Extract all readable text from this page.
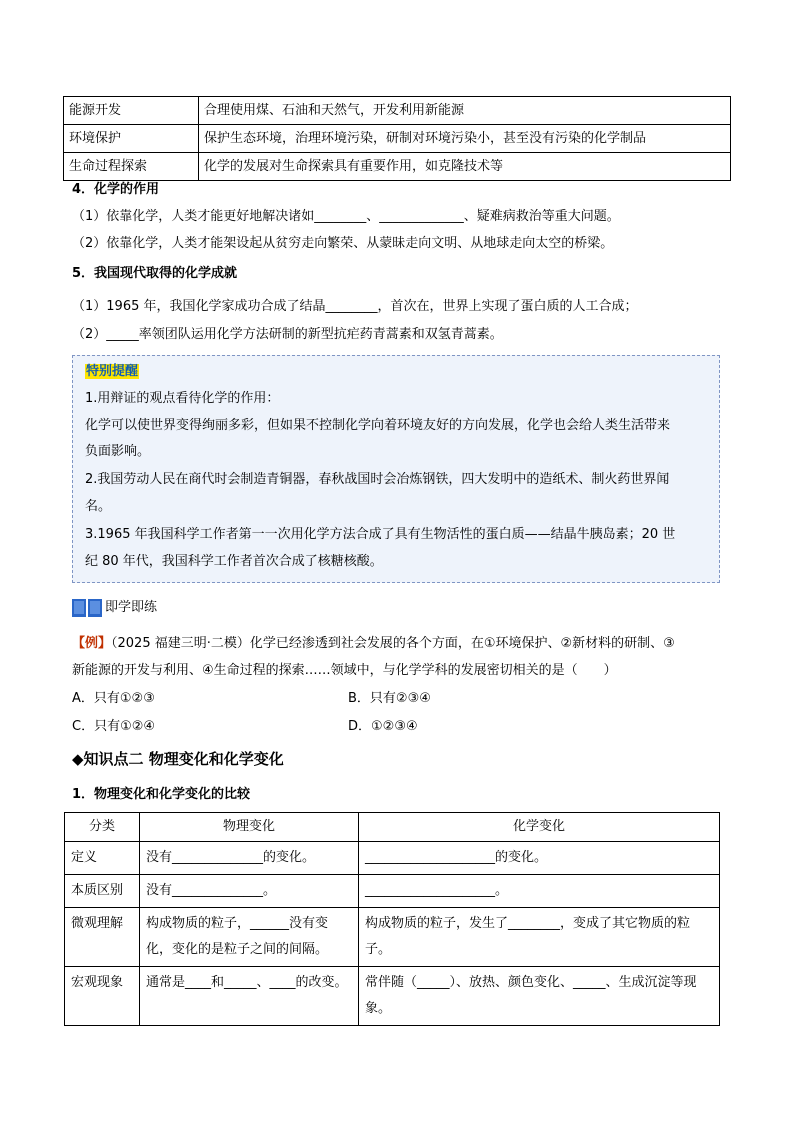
能源开发	合理使用煤、石油和天然气，开发利用新能源
环境保护	保护生态环境，治理环境污染，研制对环境污染小，甚至没有污染的化学制品
生命过程探索	化学的发展对生命探索具有重要作用，如克隆技术等
4．化学的作用
（1）依靠化学，人类才能更好地解决诸如________、_____________、疑难病救治等重大问题。
（2）依靠化学，人类才能架设起从贫穷走向繁荣、从蒙昧走向文明、从地球走向太空的桥梁。
5．我国现代取得的化学成就
（1）1965 年，我国化学家成功合成了结晶________，首次在，世界上实现了蛋白质的人工合成；
（2）_____率领团队运用化学方法研制的新型抗疟药青蒿素和双氢青蒿素。
特别提醒
1.用辩证的观点看待化学的作用：
化学可以使世界变得绚丽多彩，但如果不控制化学向着环境友好的方向发展，化学也会给人类生活带来
负面影响。
2.我国劳动人民在商代时会制造青铜器，春秋战国时会冶炼钢铁，四大发明中的造纸术、制火药世界闻
名。
3.1965 年我国科学工作者第一一次用化学方法合成了具有生物活性的蛋白质——结晶牛胰岛素；20 世
纪 80 年代，我国科学工作者首次合成了核糖核酸。
即学即练
【例】（2025 福建三明·二模）化学已经渗透到社会发展的各个方面，在①环境保护、②新材料的研制、③
新能源的开发与利用、④生命过程的探索……领域中，与化学学科的发展密切相关的是（　　）
A．只有①②③	B．只有②③④
C．只有①②④	D．①②③④
◆知识点二 物理变化和化学变化
1．物理变化和化学变化的比较
分类	物理变化	化学变化
定义	没有______________的变化。	____________________的变化。
本质区别	没有______________。	____________________。
微观理解	构成物质的粒子，______没有变化，变化的是粒子之间的间隔。	构成物质的粒子，发生了________，变成了其它物质的粒子。
宏观现象	通常是____和_____、____的改变。	常伴随（_____）、放热、颜色变化、_____、生成沉淀等现象。
